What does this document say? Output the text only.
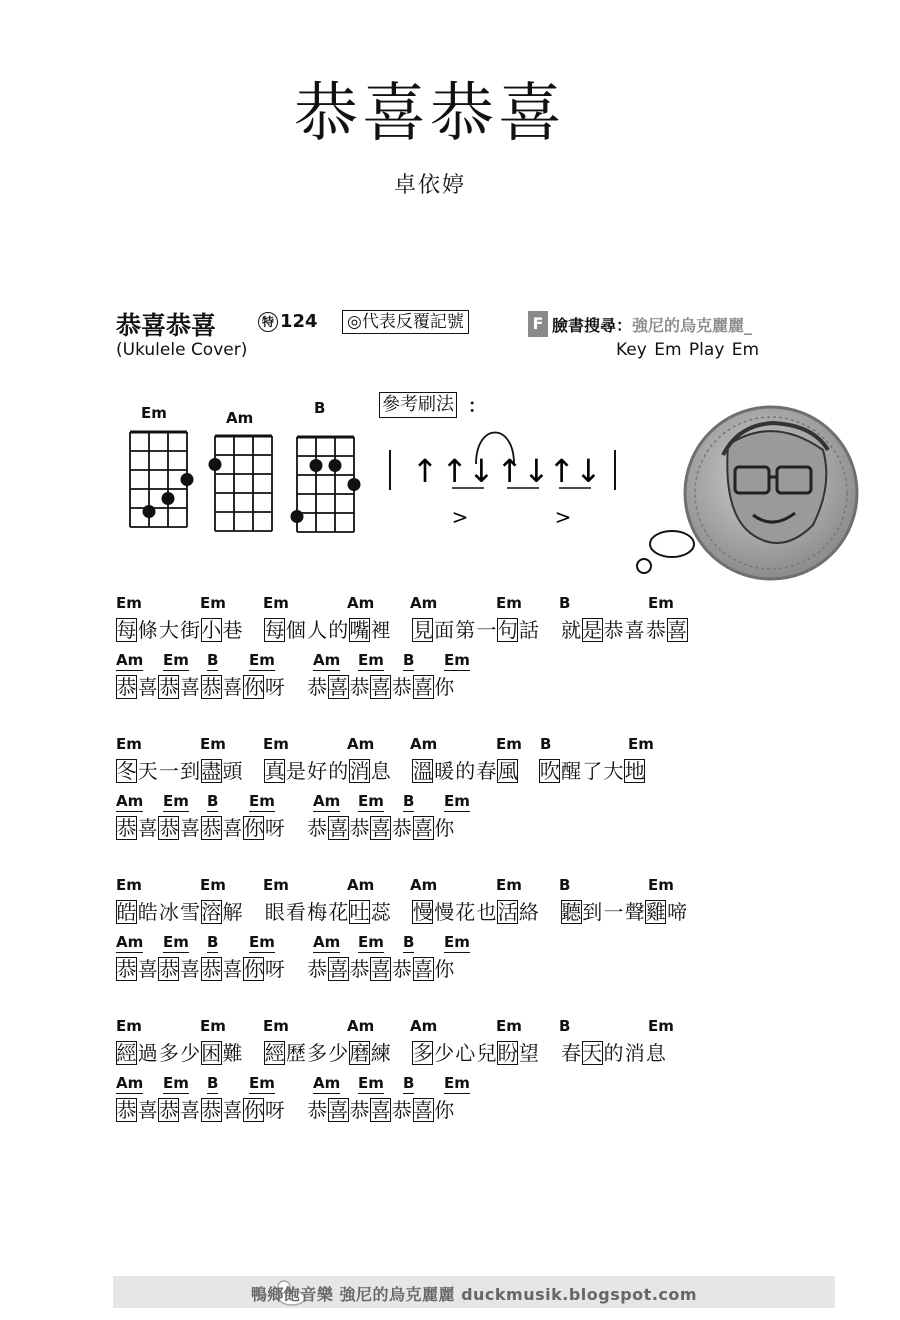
恭喜恭喜
卓依婷
恭喜恭喜	特 124 ◎代表反覆記號	F 臉書搜尋：強尼的烏克麗麗_
(Ukulele Cover)	Key Em Play Em
Em	Am
B	參考刷法 ：
↑ ↑↓ ↑↓
↑↓
>	>
Em	Em Em	Am Am	Em B	Em
每 條 大 街 小 巷 每 個 人 的 嘴 裡 見 面 第 一 句 話 就 是 恭 喜 恭 喜
Am Em B Em	Am Em B Em
恭 喜 恭 喜 恭 喜 你 呀 恭 喜 恭 喜 恭 喜 你
Em	Em Em	Am Am	Em B	Em
冬 天 一 到 盡 頭 真 是 好 的 消 息 溫 暖 的 春 風 吹 醒 了 大 地
Am Em B Em	Am Em B Em
恭 喜 恭 喜 恭 喜 你 呀 恭 喜 恭 喜 恭 喜 你
Em	Em Em	Am Am	Em B	Em
皓 皓 冰 雪 溶 解 眼 看 梅 花 吐 蕊 慢 慢 花 也 活 絡 聽 到 一 聲 雞 啼
Am Em B Em	Am Em B Em
恭 喜 恭 喜 恭 喜 你 呀 恭 喜 恭 喜 恭 喜 你
Em	Em Em	Am Am	Em B	Em
經 過 多 少 困 難 經 歷 多 少 磨 練 多 少 心 兒 盼 望 春 天 的 消 息
Am Em B Em	Am Em B Em
恭 喜 恭 喜 恭 喜 你 呀 恭 喜 恭 喜 恭 喜 你
鴨鄉飽音樂 強尼的烏克麗麗 duckmusik.blogspot.com
